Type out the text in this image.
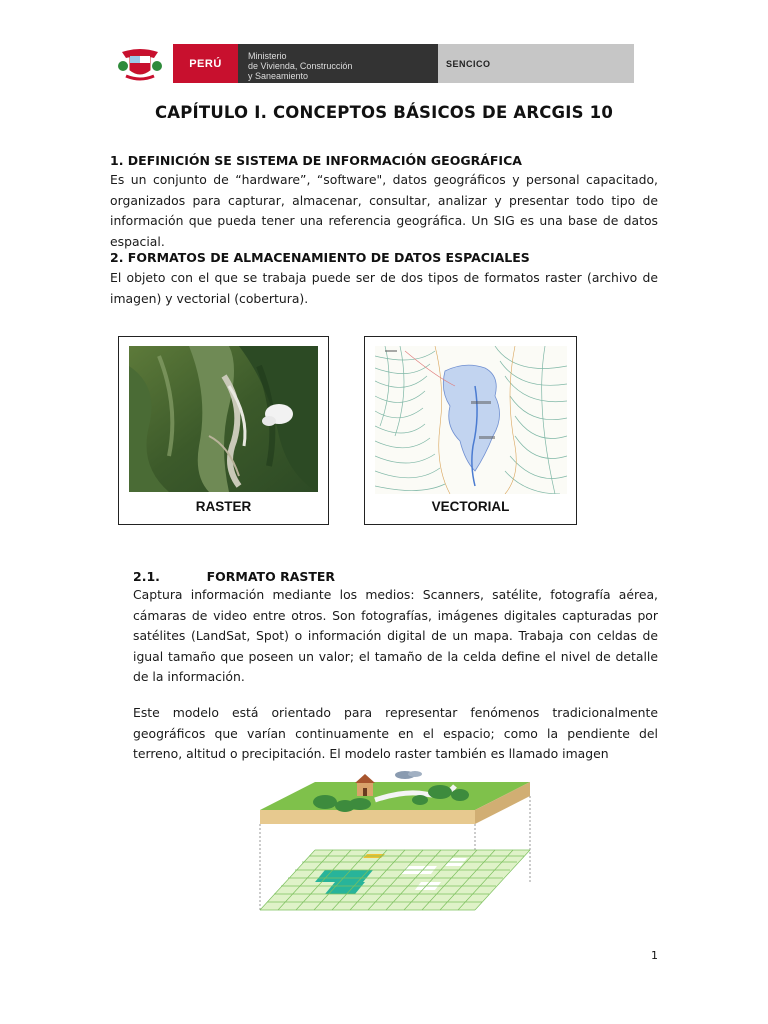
PERÚ
Ministerio
de Vivienda, Construcción
y Saneamiento
SENCICO
CAPÍTULO I. CONCEPTOS BÁSICOS DE ARCGIS 10
1. DEFINICIÓN SE SISTEMA DE INFORMACIÓN GEOGRÁFICA
Es un conjunto de “hardware”, “software", datos geográficos y personal capacitado, organizados para capturar, almacenar, consultar, analizar y presentar todo tipo de información que pueda tener una referencia geográfica. Un SIG es una base de datos espacial.
2. FORMATOS DE ALMACENAMIENTO DE DATOS ESPACIALES
El objeto con el que se trabaja puede ser de dos tipos de formatos raster (archivo de imagen) y vectorial (cobertura).
RASTER	VECTORIAL
2.1.	FORMATO RASTER
Captura información mediante los medios: Scanners, satélite, fotografía aérea, cámaras de video entre otros. Son fotografías, imágenes digitales capturadas por satélites (LandSat, Spot) o información digital de un mapa. Trabaja con celdas de igual tamaño que poseen un valor; el tamaño de la celda define el nivel de detalle de la información.
Este modelo está orientado para representar fenómenos tradicionalmente geográficos que varían continuamente en el espacio; como la pendiente del terreno, altitud o precipitación. El modelo raster también es llamado imagen
1
